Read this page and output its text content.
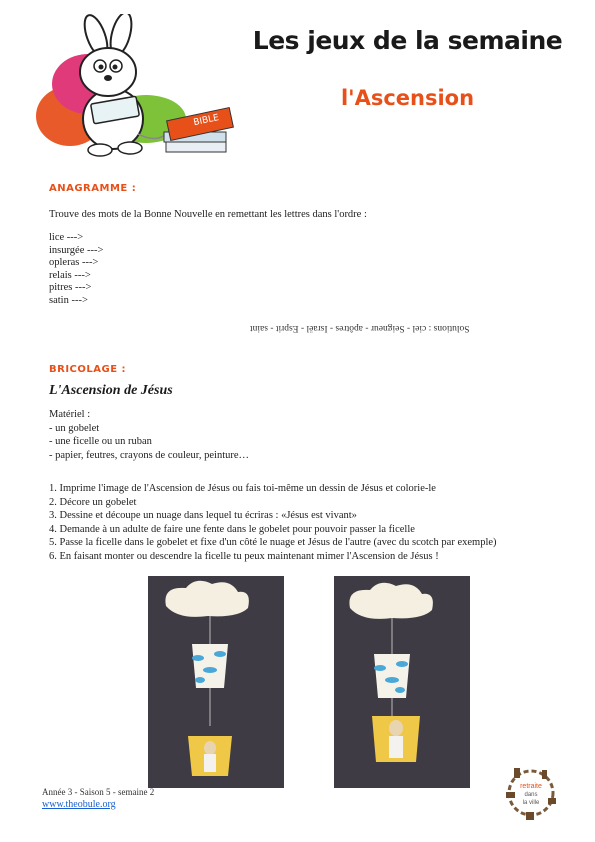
BIBLE
Les jeux de la semaine
l'Ascension
ANAGRAMME :
Trouve des mots de la Bonne Nouvelle en remettant les lettres dans l'ordre :
lice --->
insurgée --->
opleras --->
relais --->
pitres --->
satin --->
Solutions : ciel - Seigneur - apôtres - Israël - Esprit - saint
BRICOLAGE :
L'Ascension de Jésus
Matériel :
- un gobelet
- une ficelle ou un ruban
- papier, feutres, crayons de couleur, peinture…
1. Imprime l'image de l'Ascension de Jésus ou fais toi-même un dessin de Jésus et colorie-le
2. Décore un gobelet
3. Dessine et découpe un nuage dans lequel tu écriras : «Jésus est vivant»
4. Demande à un adulte de faire une fente dans le gobelet pour pouvoir passer la ficelle
5. Passe la ficelle dans le gobelet et fixe d'un côté le nuage et Jésus de l'autre (avec du scotch par exemple)
6. En faisant monter ou descendre la ficelle tu peux maintenant mimer l'Ascension de Jésus !
Année 3 - Saison 5 - semaine 2
www.theobule.org
retraite
dans
la ville
